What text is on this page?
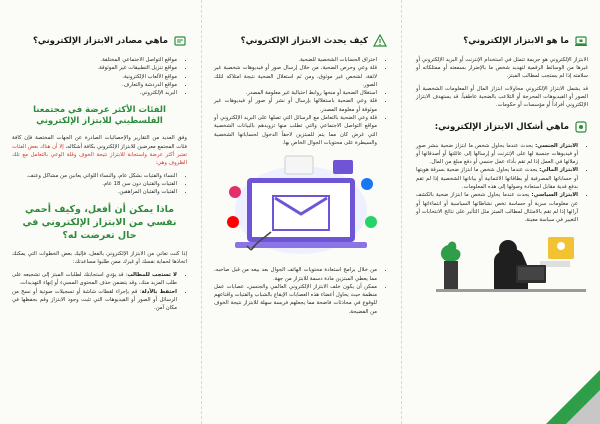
ما هو الابتزاز الإلكتروني؟

الابتزاز الإلكتروني هو جريمة تتمثل في استخدام الإنترنت أو البريد الإلكتروني أو غيرها من الوسائط الرقمية لتهديد شخص ما بالإضرار بسمعته أو ممتلكاته أو سلامته إذا لم يستجب لمطالب المبتز.

قد يشمل الابتزاز الإلكتروني محاولات ابتزاز المال أو المعلومات الشخصية أو الصور أو الفيديوهات المحرجة أو التلاعب بالضحية عاطفياً. قد يستهدف الابتزاز الإلكتروني أفراداً أو مؤسسات أو حكومات.

ماهي أشكال الابتزاز الإلكتروني:
• الابتزاز الجنسي: يحدث عندما يحاول شخص ما ابتزاز ضحية بنشر صور أو فيديوهات جنسية لها على الإنترنت أو إرسالها إلى عائلتها أو أصدقائها أو زملائها في العمل إذا لم تقم بأداء عمل جنسي أو دفع مبلغ من المال.
• الابتزاز المالي: يحدث عندما يحاول شخص ما ابتزاز ضحية بسرقة هويتها أو حساباتها المصرفية أو بطاقاتها الائتمانية أو بياناتها الشخصية إذا لم تقم بدفع فدية مقابل استعادة وصولها إلى هذه المعلومات.
• الابتزاز السياسي: يحدث عندما يحاول شخص ما ابتزاز ضحية بالكشف عن معلومات سرية أو حساسة تخص نشاطاتها السياسية أو انتماءاتها أو آرائها إذا لم تقم بالامتثال لمطالب المبتز مثل التأثير على نتائج الانتخابات أو التغيير في سياسة معينة.
كيف يحدث الابتزاز الإلكتروني؟
• اختراق الحسابات الشخصية للضحية.
• قلة وعي وحرص الضحية، من خلال إرسال صور أو فيديوهات شخصية غير لائقة، لشخص غير موثوق، ومن ثم استغلال الضحية نتيجة امتلاكه لتلك الصور.
• استغلال الضحية أو منحها روابط احتيالية غير معلومة المصدر.
• قلة وعي الضحية باستغلالها بإرسال أو نشر أو صور أو فيديوهات غير موثوقة أو معلومة المصدر.
• قلة وعي الضحية بالتعامل مع الرسائل التي تصلها على البريد الإلكتروني أو مواقع التواصل الاجتماعي والتي تطلب منها تزويدهم بالبيانات الشخصية التي غرض كان مما يتم للمبتزين لاحقاً الدخول لحساباتها الشخصية والسيطرة على محتويات الجوال الخاص بها.
• من خلال برامج استعادة محتويات الهاتف الجوال بعد بيعه من قبل صاحبه، مما يعطي المبتزين مادة دسمة للابتزاز من جهة.
• ممكن أن يكون خلف الابتزاز الإلكتروني العالمي والجنسي، عصابات عمل منظمة حيث يحاول أعضاء هذه العصابات الإيقاع بالشباب والفتيات واقناعهم للوقوع في محادثات فاضحة مما يجعلهم فريسة سهلة للابتزاز نتيجة الخوف من الفضيحة.
ماهي مصادر الابتزاز الإلكتروني؟
• مواقع التواصل الاجتماعي المختلفة.
• مواقع تنزيل التطبيقات غير الموثوقة.
• مواقع الألعاب الإلكترونية.
• مواقع الدردشة والتعارف.
• البريد الإلكتروني.
الفئات الأكثر عرضة في مجتمعنا الفلسطيني للابتزاز الإلكتروني

وفق العديد من التقارير والإحصائيات الصادرة عن الجهات المختصة فإن كافة فئات المجتمع معرضين للابتزاز الإلكتروني بكافة أشكاله، إلا أن هناك بعض الفئات تعتبر أكثر عرضة واستجابة للابتزاز نتيجة الخوف وقلة الوعي بالتعامل مع تلك الظروف وهي:

• النساء والفتيات بشكل عام، والنساء اللواتي يعانين من مشاكل وعنف.
• الفتيات والفتيان دون سن 18 عام.
• الفتيات والفتيان المراهقين.
ماذا يمكن أن أفعل، وكيف أحمي نفسي من الابتزاز الإلكتروني في حال تعرضت له؟

إذا كنت تعاني من الابتزاز الإلكتروني بالفعل، فإليك بعض الخطوات التي يمكنك اتخاذها لحماية نفسك أو غيرك ممن طلبوا مساعدتك:

• لا تستجب للمطالب: قد يؤدي استجابتك لطلبات المبتز إلى تشجيعه على طلب المزيد منك، وقد يتضمن حذف المحتوى المسيء أو إنهاء التهديدات.
• احتفظ بالأدلة: قم بإجراء لقطات شاشة أو تسجيلات صوتية أو نسخ من الرسائل أو الصور أو الفيديوهات التي تثبت وجود الابتزاز وقم بحفظها في مكان آمن.
